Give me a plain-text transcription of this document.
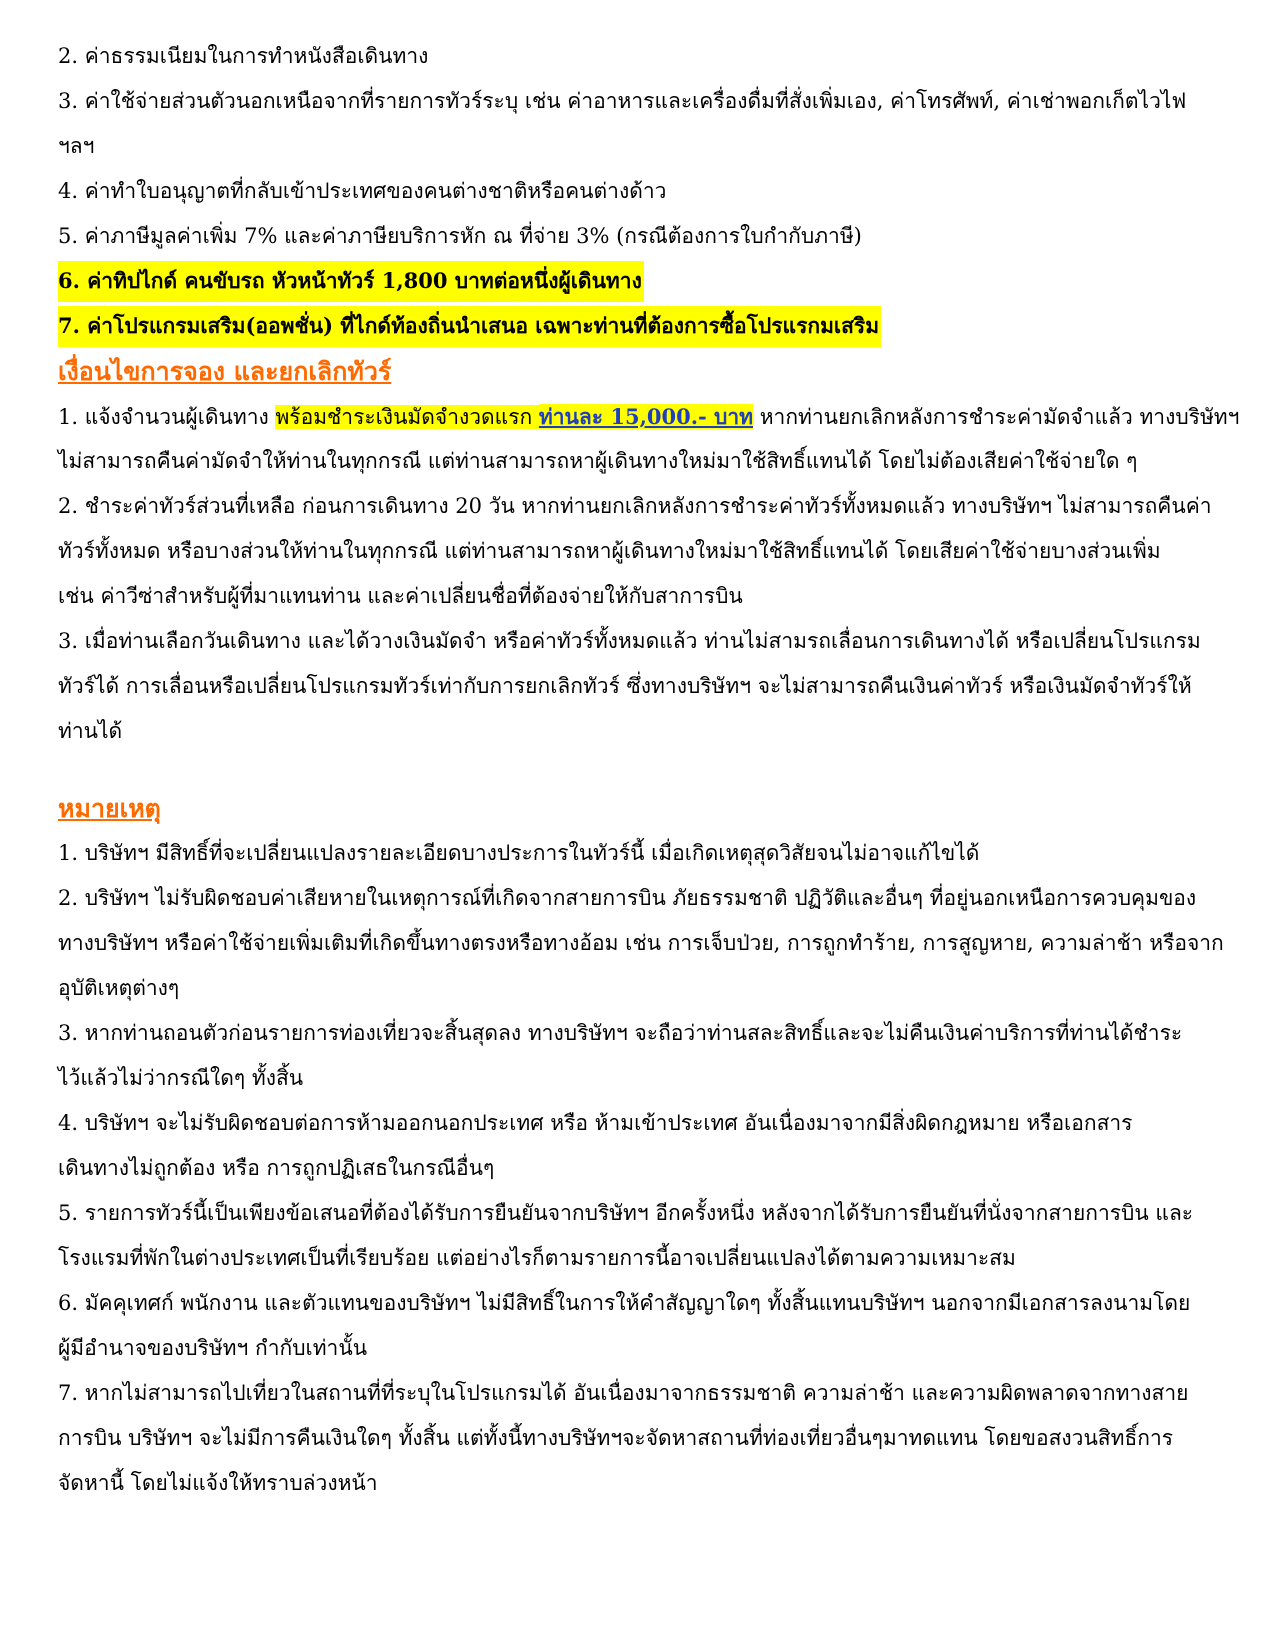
2. ค่าธรรมเนียมในการทำหนังสือเดินทาง
3. ค่าใช้จ่ายส่วนตัวนอกเหนือจากที่รายการทัวร์ระบุ เช่น ค่าอาหารและเครื่องดื่มที่สั่งเพิ่มเอง, ค่าโทรศัพท์, ค่าเช่าพอกเก็ตไวไฟ
ฯลฯ
4. ค่าทำใบอนุญาตที่กลับเข้าประเทศของคนต่างชาติหรือคนต่างด้าว
5. ค่าภาษีมูลค่าเพิ่ม 7% และค่าภาษียบริการหัก ณ ที่จ่าย 3% (กรณีต้องการใบกำกับภาษี)
6. ค่าทิปไกด์ คนขับรถ หัวหน้าทัวร์ 1,800 บาทต่อหนึ่งผู้เดินทาง
7. ค่าโปรแกรมเสริม(ออพชั่น) ที่ไกด์ท้องถิ่นนำเสนอ เฉพาะท่านที่ต้องการซื้อโปรแรกมเสริม
เงื่อนไขการจอง และยกเลิกทัวร์
1. แจ้งจำนวนผู้เดินทาง พร้อมชำระเงินมัดจำงวดแรก ท่านละ 15,000.- บาท หากท่านยกเลิกหลังการชำระค่ามัดจำแล้ว ทางบริษัทฯ
ไม่สามารถคืนค่ามัดจำให้ท่านในทุกกรณี แต่ท่านสามารถหาผู้เดินทางใหม่มาใช้สิทธิ์แทนได้ โดยไม่ต้องเสียค่าใช้จ่ายใด ๆ
2. ชำระค่าทัวร์ส่วนที่เหลือ ก่อนการเดินทาง 20 วัน หากท่านยกเลิกหลังการชำระค่าทัวร์ทั้งหมดแล้ว ทางบริษัทฯ ไม่สามารถคืนค่า
ทัวร์ทั้งหมด หรือบางส่วนให้ท่านในทุกกรณี แต่ท่านสามารถหาผู้เดินทางใหม่มาใช้สิทธิ์แทนได้ โดยเสียค่าใช้จ่ายบางส่วนเพิ่ม
เช่น ค่าวีซ่าสำหรับผู้ที่มาแทนท่าน และค่าเปลี่ยนชื่อที่ต้องจ่ายให้กับสาการบิน
3. เมื่อท่านเลือกวันเดินทาง และได้วางเงินมัดจำ หรือค่าทัวร์ทั้งหมดแล้ว ท่านไม่สามรถเลื่อนการเดินทางได้ หรือเปลี่ยนโปรแกรม
ทัวร์ได้ การเลื่อนหรือเปลี่ยนโปรแกรมทัวร์เท่ากับการยกเลิกทัวร์ ซึ่งทางบริษัทฯ จะไม่สามารถคืนเงินค่าทัวร์ หรือเงินมัดจำทัวร์ให้
ท่านได้
หมายเหตุ
1. บริษัทฯ มีสิทธิ์ที่จะเปลี่ยนแปลงรายละเอียดบางประการในทัวร์นี้ เมื่อเกิดเหตุสุดวิสัยจนไม่อาจแก้ไขได้
2. บริษัทฯ ไม่รับผิดชอบค่าเสียหายในเหตุการณ์ที่เกิดจากสายการบิน ภัยธรรมชาติ ปฏิวัติและอื่นๆ ที่อยู่นอกเหนือการควบคุมของ
ทางบริษัทฯ หรือค่าใช้จ่ายเพิ่มเติมที่เกิดขึ้นทางตรงหรือทางอ้อม เช่น การเจ็บป่วย, การถูกทำร้าย, การสูญหาย, ความล่าช้า หรือจาก
อุบัติเหตุต่างๆ
3. หากท่านถอนตัวก่อนรายการท่องเที่ยวจะสิ้นสุดลง ทางบริษัทฯ จะถือว่าท่านสละสิทธิ์และจะไม่คืนเงินค่าบริการที่ท่านได้ชำระ
ไว้แล้วไม่ว่ากรณีใดๆ ทั้งสิ้น
4. บริษัทฯ จะไม่รับผิดชอบต่อการห้ามออกนอกประเทศ หรือ ห้ามเข้าประเทศ อันเนื่องมาจากมีสิ่งผิดกฎหมาย หรือเอกสาร
เดินทางไม่ถูกต้อง หรือ การถูกปฏิเสธในกรณีอื่นๆ
5. รายการทัวร์นี้เป็นเพียงข้อเสนอที่ต้องได้รับการยืนยันจากบริษัทฯ อีกครั้งหนึ่ง หลังจากได้รับการยืนยันที่นั่งจากสายการบิน และ
โรงแรมที่พักในต่างประเทศเป็นที่เรียบร้อย แต่อย่างไรก็ตามรายการนี้อาจเปลี่ยนแปลงได้ตามความเหมาะสม
6. มัคคุเทศก์ พนักงาน และตัวแทนของบริษัทฯ ไม่มีสิทธิ์ในการให้คำสัญญาใดๆ ทั้งสิ้นแทนบริษัทฯ นอกจากมีเอกสารลงนามโดย
ผู้มีอำนาจของบริษัทฯ กำกับเท่านั้น
7. หากไม่สามารถไปเที่ยวในสถานที่ที่ระบุในโปรแกรมได้ อันเนื่องมาจากธรรมชาติ ความล่าช้า และความผิดพลาดจากทางสาย
การบิน บริษัทฯ จะไม่มีการคืนเงินใดๆ ทั้งสิ้น แต่ทั้งนี้ทางบริษัทฯจะจัดหาสถานที่ท่องเที่ยวอื่นๆมาทดแทน โดยขอสงวนสิทธิ์การ
จัดหานี้ โดยไม่แจ้งให้ทราบล่วงหน้า
